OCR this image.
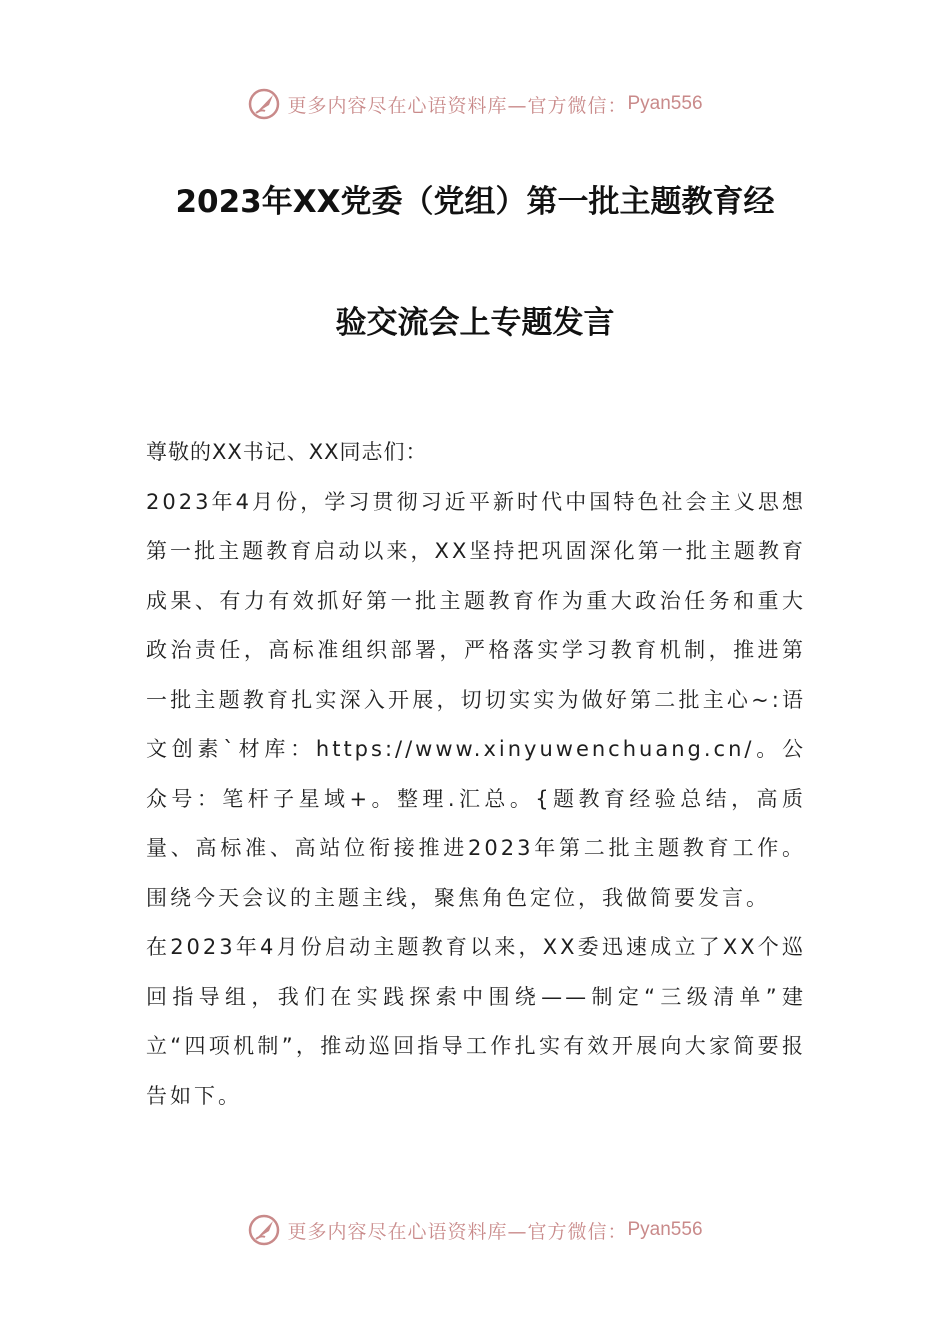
更多内容尽在心语资料库—官方微信： Pyan556
2023年XX党委（党组）第一批主题教育经
验交流会上专题发言

尊敬的XX书记、XX同志们：

2023年4月份，学习贯彻习近平新时代中国特色社会主义思想第一批主题教育启动以来，XX坚持把巩固深化第一批主题教育成果、有力有效抓好第一批主题教育作为重大政治任务和重大政治责任，高标准组织部署，严格落实学习教育机制，推进第一批主题教育扎实深入开展，切切实实为做好第二批主心~:语文创素`材库：https://www.xinyuwenchuang.cn/。公众号：笔杆子星域+。整理.汇总。{题教育经验总结，高质量、高标准、高站位衔接推进2023年第二批主题教育工作。围绕今天会议的主题主线，聚焦角色定位，我做简要发言。

在2023年4月份启动主题教育以来，XX委迅速成立了XX个巡回指导组，我们在实践探索中围绕——制定“三级清单”建立“四项机制”，推动巡回指导工作扎实有效开展向大家简要报告如下。

更多内容尽在心语资料库—官方微信： Pyan556
